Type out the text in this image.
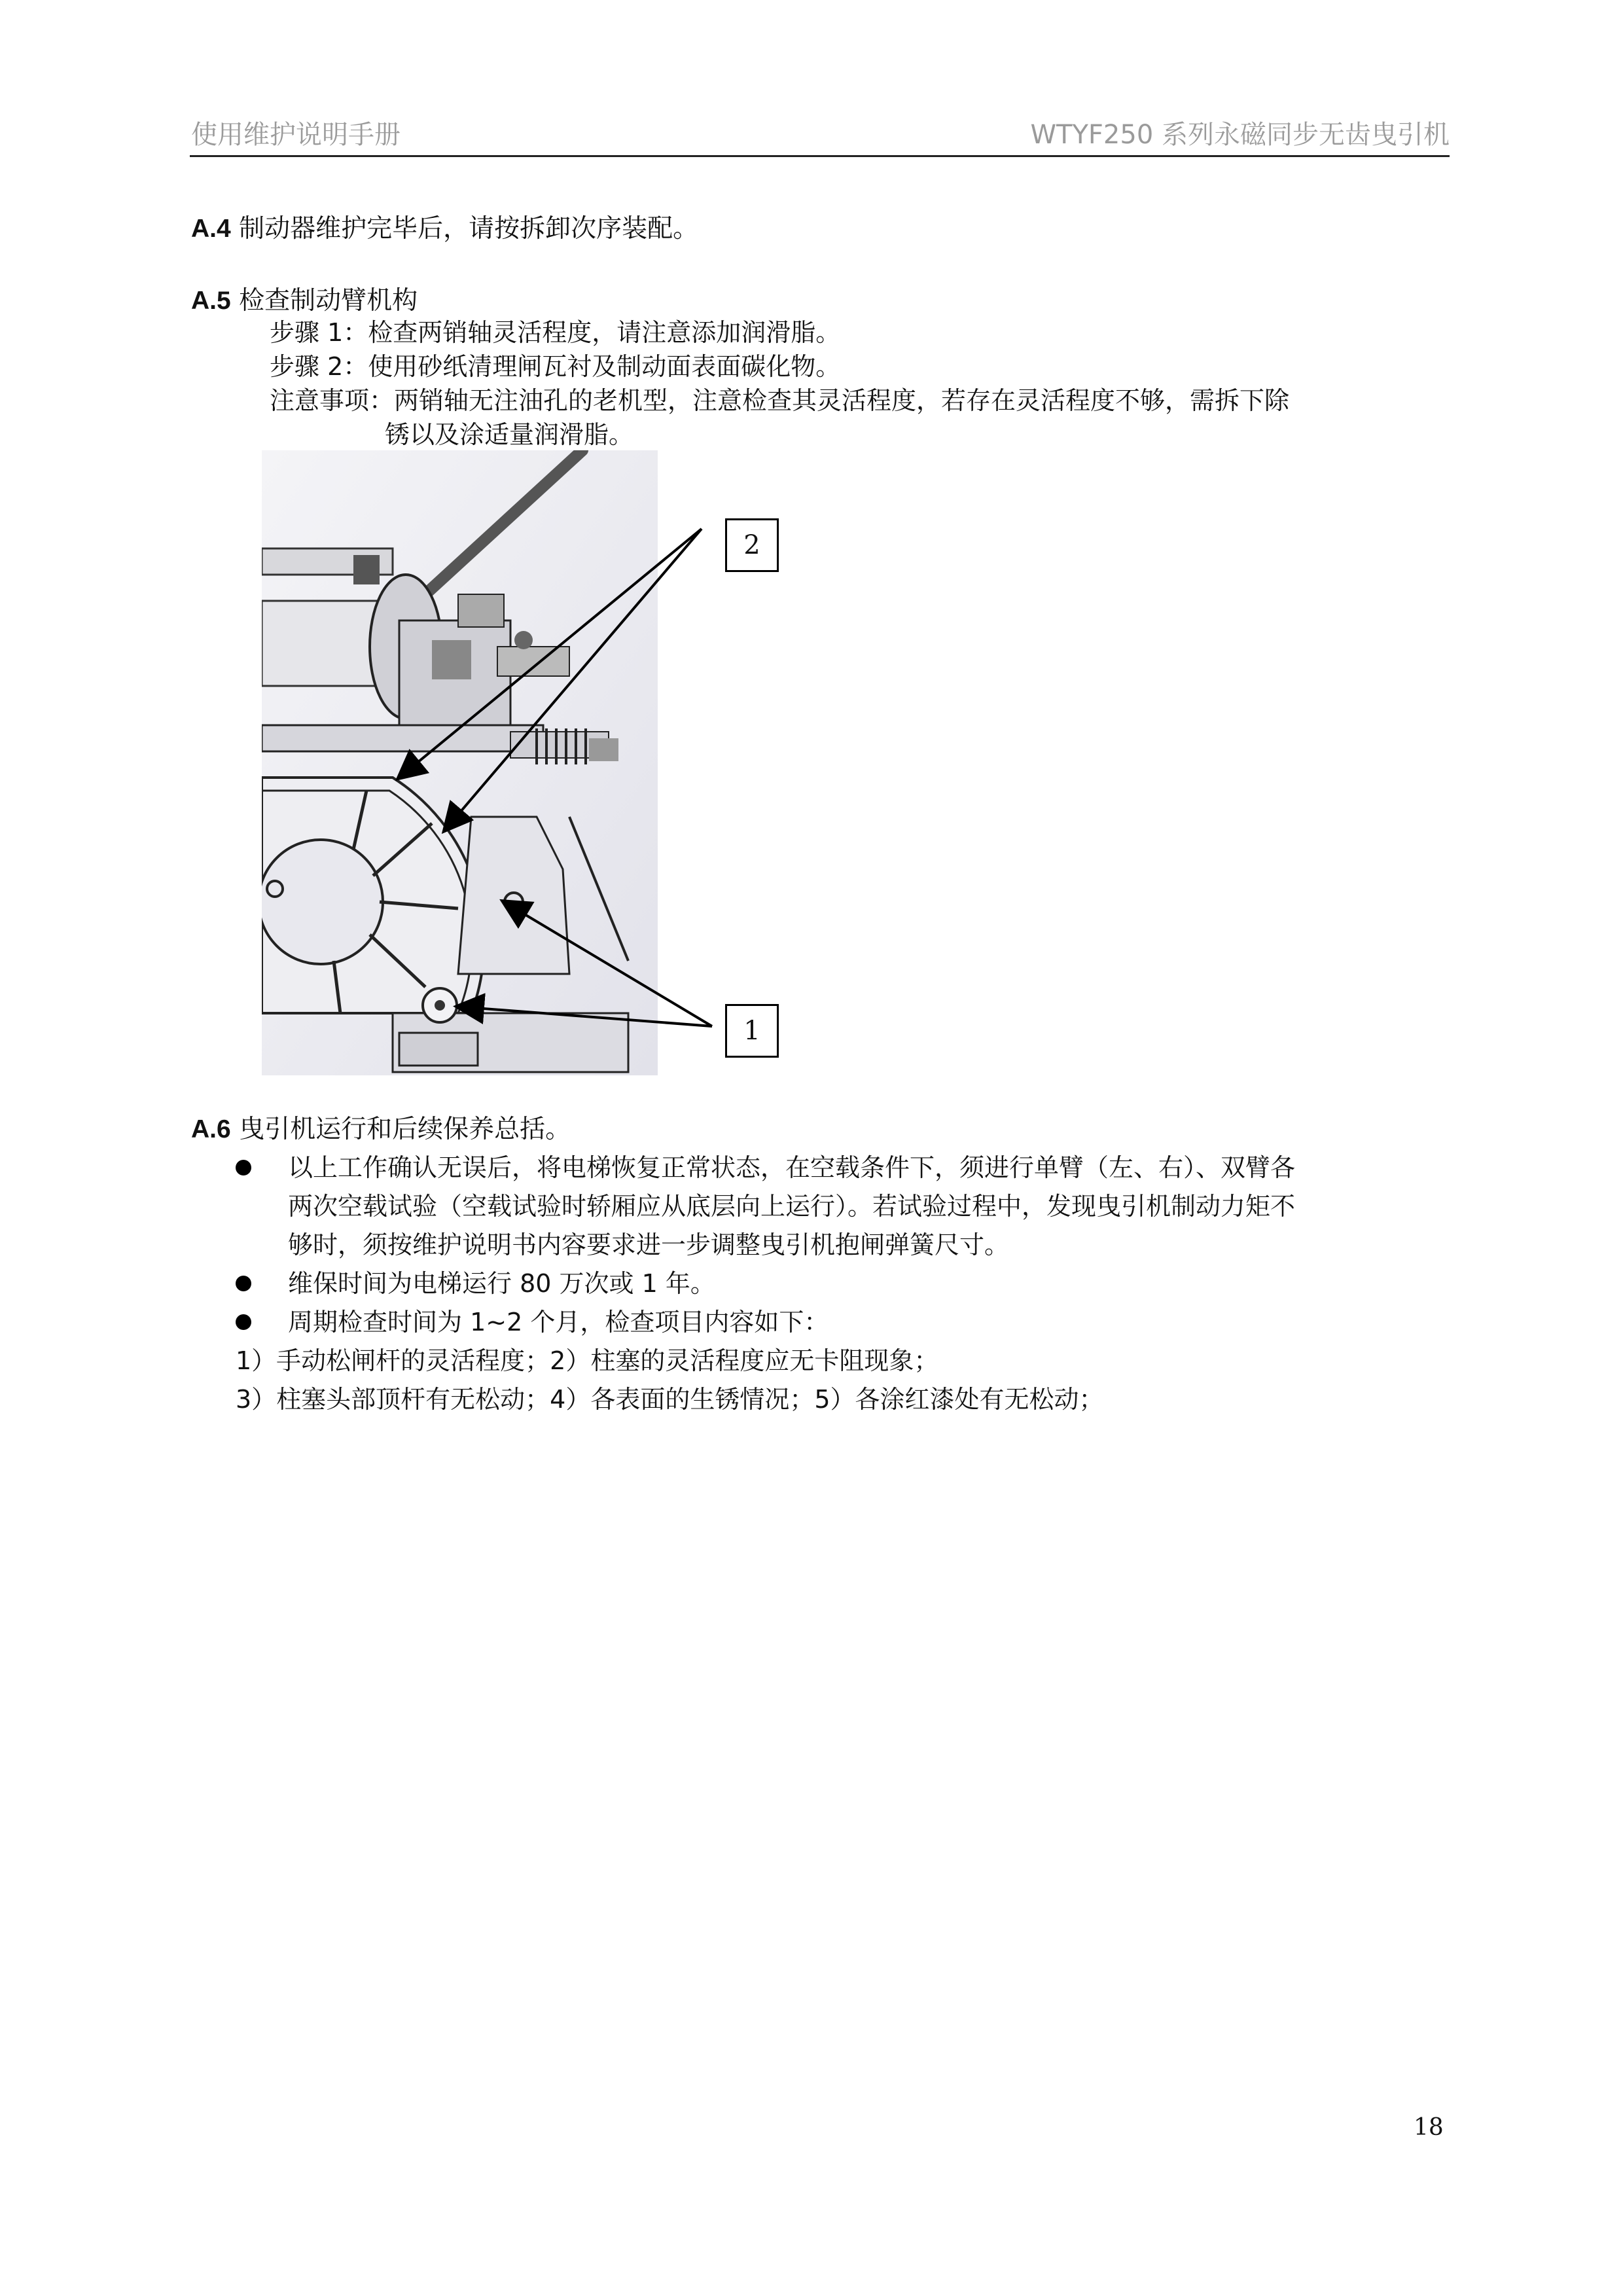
使用维护说明手册	WTYF250 系列永磁同步无齿曳引机
A.4 制动器维护完毕后，请按拆卸次序装配。
A.5 检查制动臂机构
步骤 1：检查两销轴灵活程度，请注意添加润滑脂。
步骤 2：使用砂纸清理闸瓦衬及制动面表面碳化物。
注意事项：两销轴无注油孔的老机型，注意检查其灵活程度，若存在灵活程度不够，需拆下除
锈以及涂适量润滑脂。
2
1
A.6 曳引机运行和后续保养总括。
以上工作确认无误后，将电梯恢复正常状态，在空载条件下，须进行单臂（左、右）、双臂各
两次空载试验（空载试验时轿厢应从底层向上运行）。若试验过程中，发现曳引机制动力矩不
够时，须按维护说明书内容要求进一步调整曳引机抱闸弹簧尺寸。
维保时间为电梯运行 80 万次或 1 年。
周期检查时间为 1~2 个月，检查项目内容如下：
1）手动松闸杆的灵活程度；2）柱塞的灵活程度应无卡阻现象；
3）柱塞头部顶杆有无松动；4）各表面的生锈情况；5）各涂红漆处有无松动；
18
